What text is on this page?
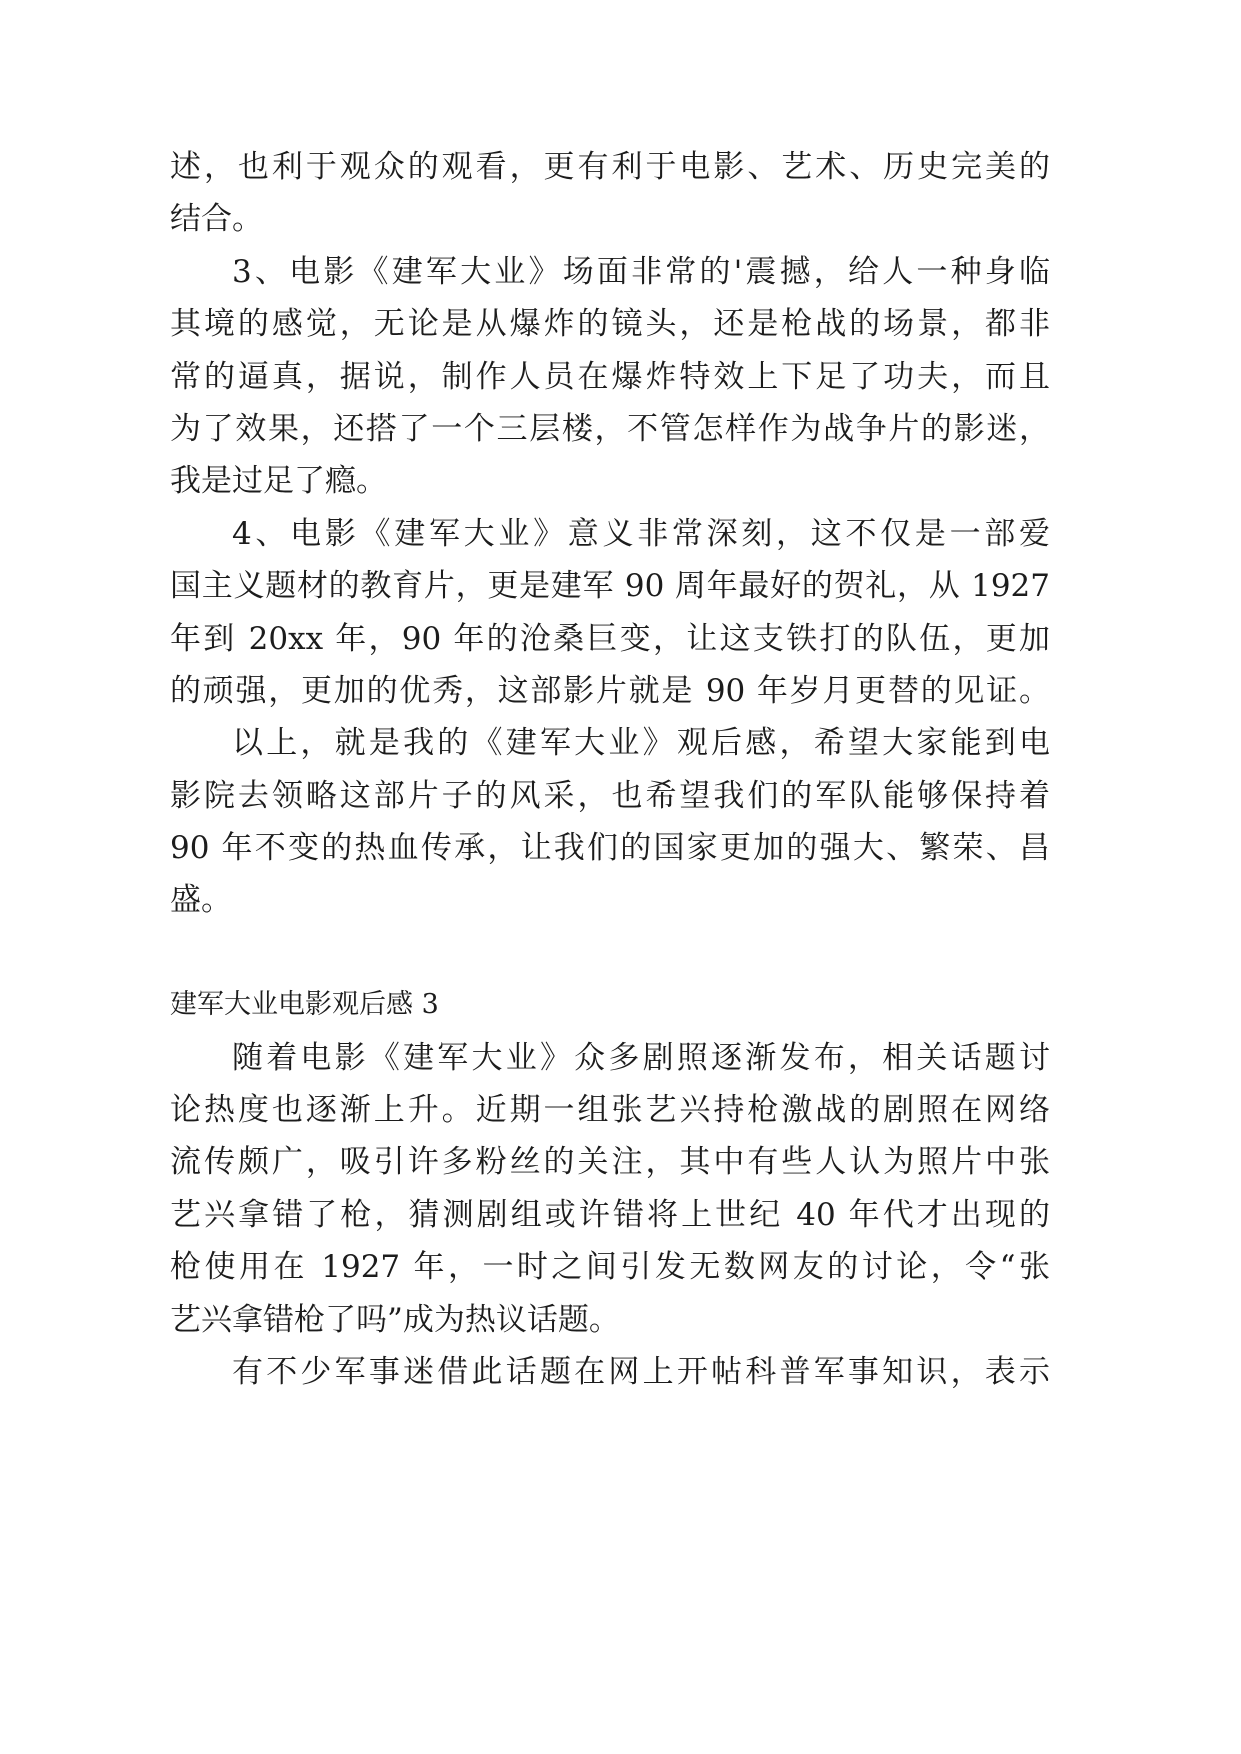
述，也利于观众的观看，更有利于电影、艺术、历史完美的
结合。

3、电影《建军大业》场面非常的'震撼，给人一种身临
其境的感觉，无论是从爆炸的镜头，还是枪战的场景，都非
常的逼真，据说，制作人员在爆炸特效上下足了功夫，而且
为了效果，还搭了一个三层楼，不管怎样作为战争片的影迷，
我是过足了瘾。

4、电影《建军大业》意义非常深刻，这不仅是一部爱
国主义题材的教育片，更是建军 90 周年最好的贺礼，从 1927
年到 20xx 年，90 年的沧桑巨变，让这支铁打的队伍，更加
的顽强，更加的优秀，这部影片就是 90 年岁月更替的见证。

以上，就是我的《建军大业》观后感，希望大家能到电
影院去领略这部片子的风采，也希望我们的军队能够保持着
90 年不变的热血传承，让我们的国家更加的强大、繁荣、昌
盛。

建军大业电影观后感 3

随着电影《建军大业》众多剧照逐渐发布，相关话题讨
论热度也逐渐上升。近期一组张艺兴持枪激战的剧照在网络
流传颇广，吸引许多粉丝的关注，其中有些人认为照片中张
艺兴拿错了枪，猜测剧组或许错将上世纪 40 年代才出现的
枪使用在 1927 年，一时之间引发无数网友的讨论，令“张
艺兴拿错枪了吗”成为热议话题。

有不少军事迷借此话题在网上开帖科普军事知识，表示
